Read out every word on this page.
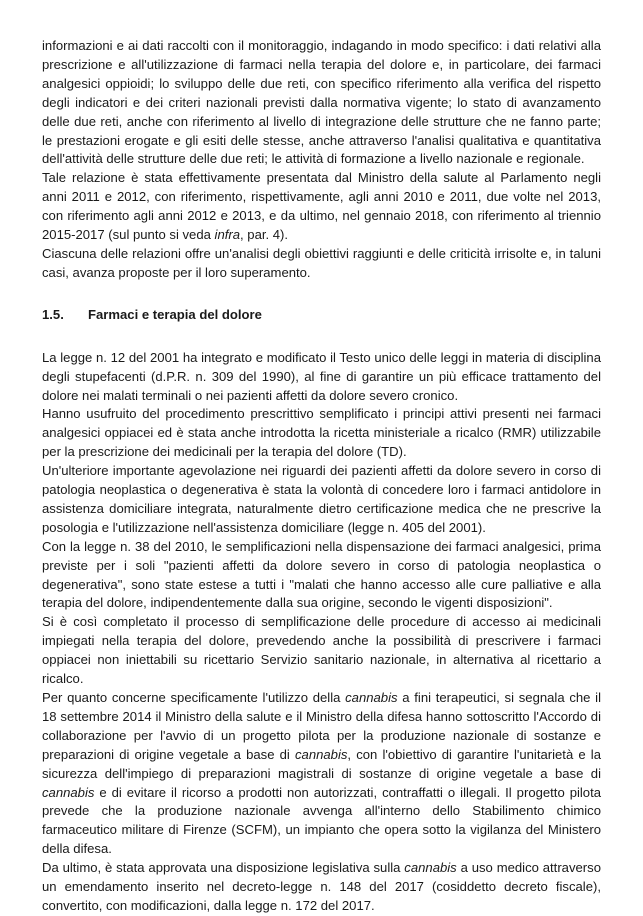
informazioni e ai dati raccolti con il monitoraggio, indagando in modo specifico: i dati relativi alla prescrizione e all'utilizzazione di farmaci nella terapia del dolore e, in particolare, dei farmaci analgesici oppioidi; lo sviluppo delle due reti, con specifico riferimento alla verifica del rispetto degli indicatori e dei criteri nazionali previsti dalla normativa vigente; lo stato di avanzamento delle due reti, anche con riferimento al livello di integrazione delle strutture che ne fanno parte; le prestazioni erogate e gli esiti delle stesse, anche attraverso l'analisi qualitativa e quantitativa dell'attività delle strutture delle due reti; le attività di formazione a livello nazionale e regionale.

Tale relazione è stata effettivamente presentata dal Ministro della salute al Parlamento negli anni 2011 e 2012, con riferimento, rispettivamente, agli anni 2010 e 2011, due volte nel 2013, con riferimento agli anni 2012 e 2013, e da ultimo, nel gennaio 2018, con riferimento al triennio 2015-2017 (sul punto si veda infra, par. 4).

Ciascuna delle relazioni offre un'analisi degli obiettivi raggiunti e delle criticità irrisolte e, in taluni casi, avanza proposte per il loro superamento.

1.5.	Farmaci e terapia del dolore

La legge n. 12 del 2001 ha integrato e modificato il Testo unico delle leggi in materia di disciplina degli stupefacenti (d.P.R. n. 309 del 1990), al fine di garantire un più efficace trattamento del dolore nei malati terminali o nei pazienti affetti da dolore severo cronico.

Hanno usufruito del procedimento prescrittivo semplificato i principi attivi presenti nei farmaci analgesici oppiacei ed è stata anche introdotta la ricetta ministeriale a ricalco (RMR) utilizzabile per la prescrizione dei medicinali per la terapia del dolore (TD).

Un'ulteriore importante agevolazione nei riguardi dei pazienti affetti da dolore severo in corso di patologia neoplastica o degenerativa è stata la volontà di concedere loro i farmaci antidolore in assistenza domiciliare integrata, naturalmente dietro certificazione medica che ne prescrive la posologia e l'utilizzazione nell'assistenza domiciliare (legge n. 405 del 2001).

Con la legge n. 38 del 2010, le semplificazioni nella dispensazione dei farmaci analgesici, prima previste per i soli "pazienti affetti da dolore severo in corso di patologia neoplastica o degenerativa", sono state estese a tutti i "malati che hanno accesso alle cure palliative e alla terapia del dolore, indipendentemente dalla sua origine, secondo le vigenti disposizioni".

Si è così completato il processo di semplificazione delle procedure di accesso ai medicinali impiegati nella terapia del dolore, prevedendo anche la possibilità di prescrivere i farmaci oppiacei non iniettabili su ricettario Servizio sanitario nazionale, in alternativa al ricettario a ricalco.

Per quanto concerne specificamente l'utilizzo della cannabis a fini terapeutici, si segnala che il 18 settembre 2014 il Ministro della salute e il Ministro della difesa hanno sottoscritto l'Accordo di collaborazione per l'avvio di un progetto pilota per la produzione nazionale di sostanze e preparazioni di origine vegetale a base di cannabis, con l'obiettivo di garantire l'unitarietà e la sicurezza dell'impiego di preparazioni magistrali di sostanze di origine vegetale a base di cannabis e di evitare il ricorso a prodotti non autorizzati, contraffatti o illegali. Il progetto pilota prevede che la produzione nazionale avvenga all'interno dello Stabilimento chimico farmaceutico militare di Firenze (SCFM), un impianto che opera sotto la vigilanza del Ministero della difesa.

Da ultimo, è stata approvata una disposizione legislativa sulla cannabis a uso medico attraverso un emendamento inserito nel decreto-legge n. 148 del 2017 (cosiddetto decreto fiscale), convertito, con modificazioni, dalla legge n. 172 del 2017.
